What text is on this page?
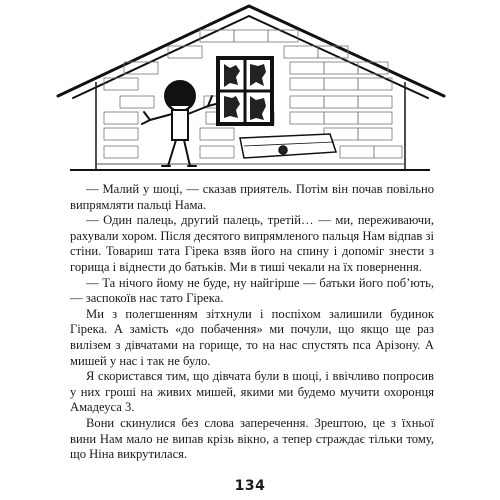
— Малий у шоці, — сказав приятель. Потім він почав повільно випрямляти пальці Нама.

— Один палець, другий палець, третій… — ми, переживаючи, рахували хором. Після десятого випрямленого пальця Нам відпав зі стіни. Товариш тата Гірека взяв його на спину і допоміг знести з горища і віднести до батьків. Ми в тиші чекали на їх повернення.

— Та нічого йому не буде, ну найгірше — батьки його поб’ють, — заспокоїв нас тато Гірека.

Ми з полегшенням зітхнули і поспіхом залишили будинок Гірека. А замість «до побачення» ми почули, що якщо ще раз вилізем з дівчатами на горище, то на нас спустять пса Арізону. А мишей у нас і так не було.

Я скористався тим, що дівчата були в шоці, і ввічливо попросив у них гроші на живих мишей, якими ми будемо мучити охоронця Амадеуса 3.

Вони скинулися без слова заперечення. Зрештою, це з їхньої вини Нам мало не випав крізь вікно, а тепер страждає тільки тому, що Ніна викрутилася.

134
